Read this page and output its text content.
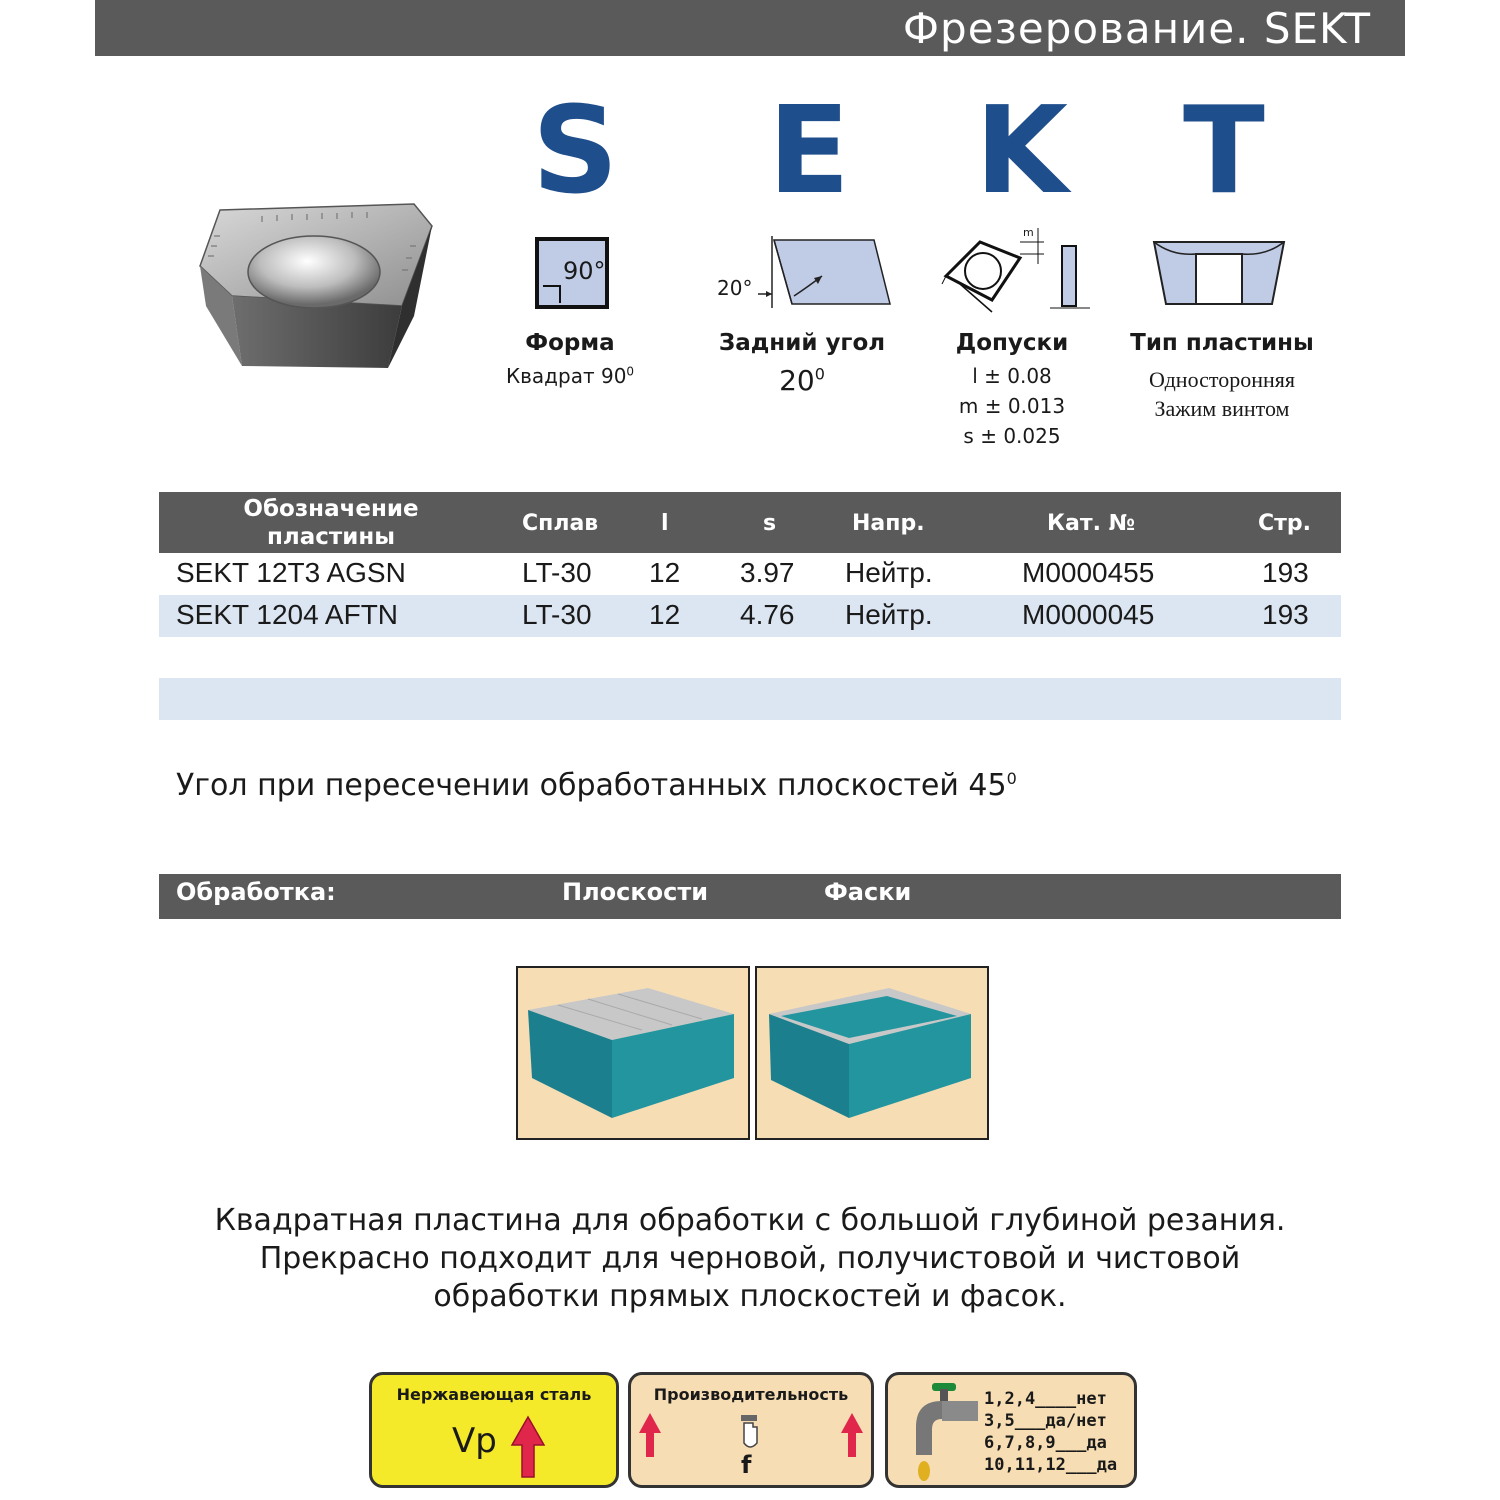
Фрезерование. SEKT
S E K T
90°
20°
m
Форма
Квадрат $90^0$
Задний угол
$20^0$
Допуски
l ± 0.08
m ± 0.013
s ± 0.025
Тип пластины
Односторонняя
Зажим винтом
Обозначение
пластины
Сплав	l	s	Напр.	Кат. №	Стр.
SEKT 12T3 AGSN	LT-30 12 3.97 Нейтр.	M0000455	193
SEKT 1204 AFTN	LT-30 12 4.76 Нейтр.	M0000045	193
Угол при пересечении обработанных плоскостей $45^0$
Обработка:	Плоскости	Фаски
Квадратная пластина для обработки с большой глубиной резания.
Прекрасно подходит для черновой, получистовой и чистовой
обработки прямых плоскостей и фасок.
Нержавеющая сталь
Vp
Производительность
f
1,2,4____нет
3,5___да/нет
6,7,8,9___да
10,11,12___да
